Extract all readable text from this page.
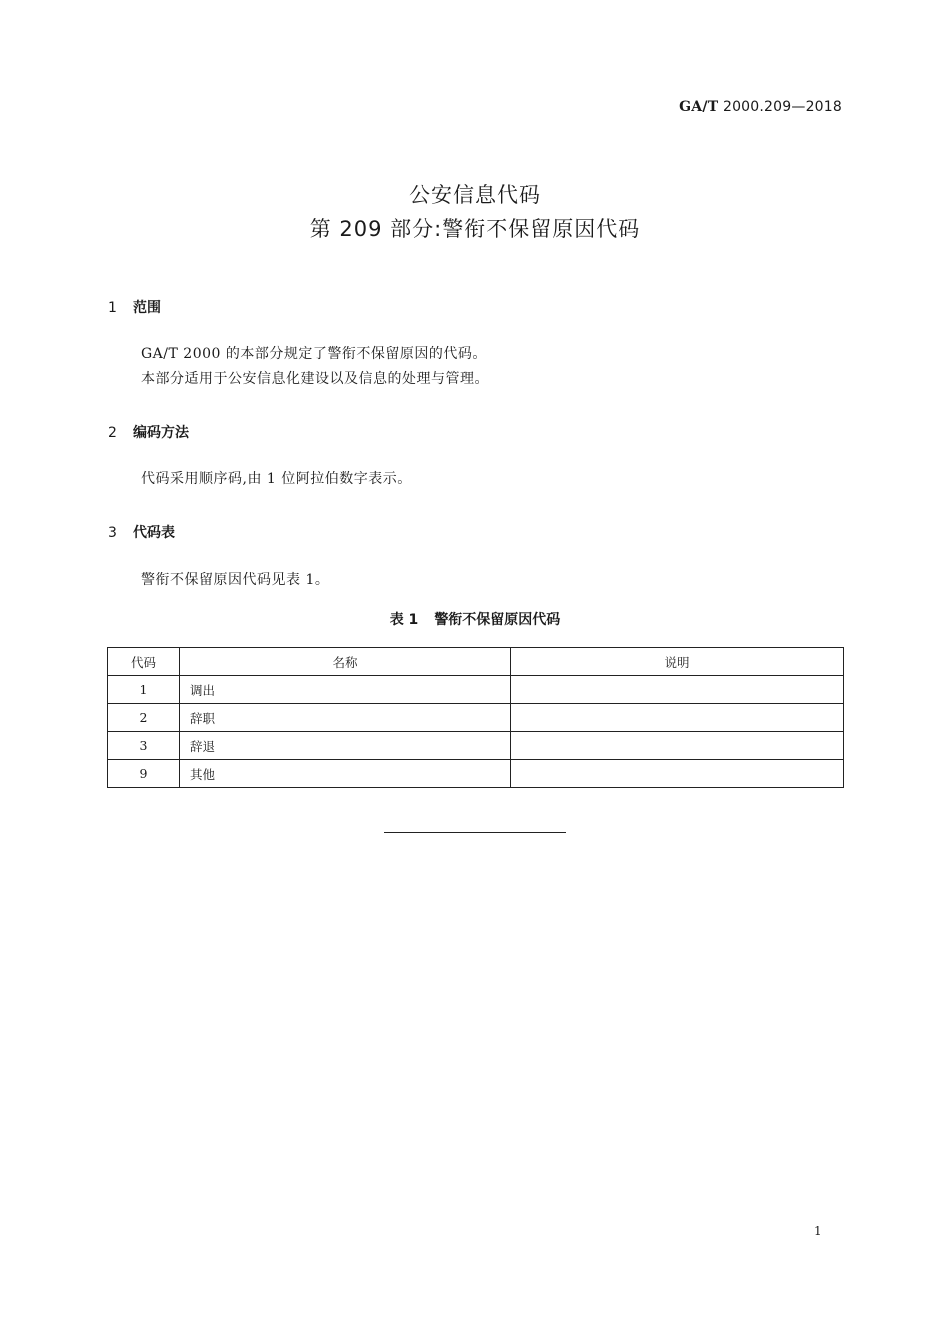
GA/T 2000.209—2018
公安信息代码
第 209 部分:警衔不保留原因代码
1 范围
GA/T 2000 的本部分规定了警衔不保留原因的代码。
本部分适用于公安信息化建设以及信息的处理与管理。
2 编码方法
代码采用顺序码,由 1 位阿拉伯数字表示。
3 代码表
警衔不保留原因代码见表 1。
表 1 警衔不保留原因代码
代码	名称	说明
1	调出	
2	辞职	
3	辞退	
9	其他	
1
